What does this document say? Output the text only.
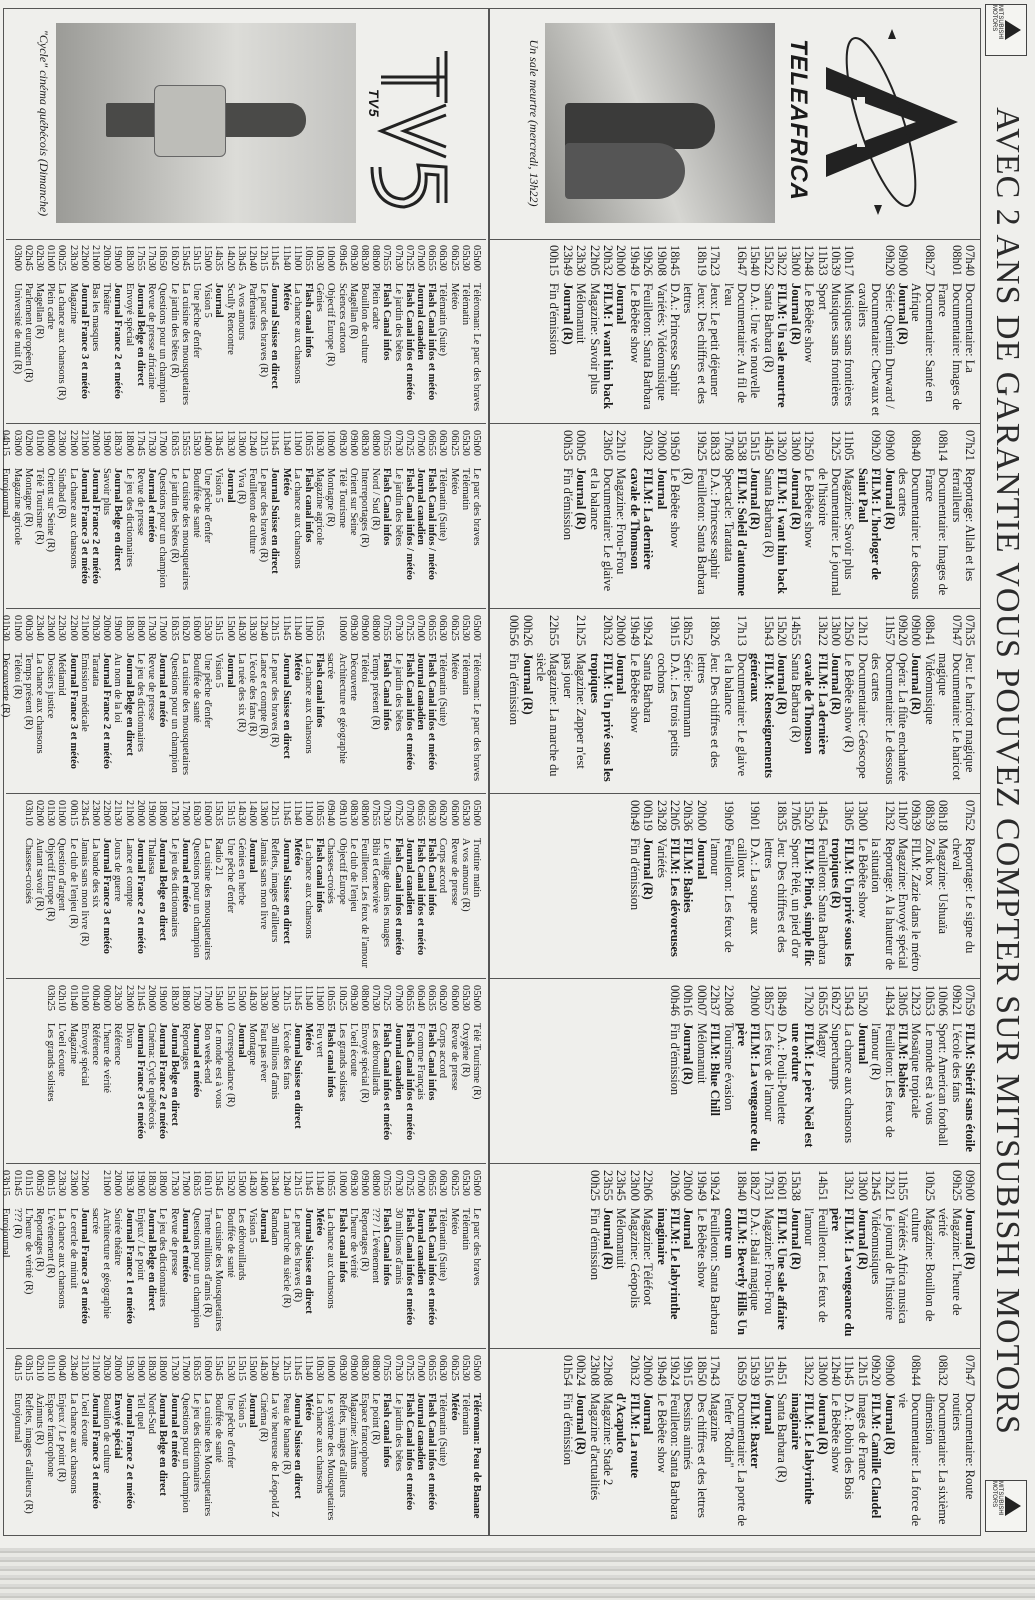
MITSUBISHI MOTORS
AVEC 2 ANS DE GARANTIE VOUS POUVEZ COMPTER SUR MITSUBISHI MOTORS
MITSUBISHI MOTORS
TELEAFRICA
Un sale meurtre (mercredi, 13h22)
07h40
Documentaire: La
08h01
Documentaire: Images de France
08h27
Documentaire: Santé en Afrique
09h00
Journal (R)
09h20
Série: Quentin Durward / Documentaire: Chevaux et cavaliers
10h17
Musiques sans frontières
10h39
Musiques sans frontières
11h33
Sport
12h48
Le Bébête show
13h00
Journal (R)
13h22
FILM: Un sale meurtre
15h22
Santa Barbara (R)
15h40
D.A.: Une vie nouvelle
16h47
Documentaire: Au fil de l'eau
17h23
Jeux: Le petit déjeuner
18h19
Jeux: Des chiffres et des lettres
18h45
D.A.: Princesse Saphir
19h08
Variétés: Vidéomusique
19h26
Feuilleton: Santa Barbara
19h49
Le Bébête show
20h00
Journal
20h32
FILM: I want him back
22h05
Magazine: Savoir plus
23h30
Mélomanuit
23h49
Journal (R)
00h15
Fin d'émission
07h21
Reportage: Allah et les ferrailleurs
08h14
Documentaire: Images de France
08h40
Documentaire: Le dessous des cartes
09h00
Journal (R)
09h20
FILM: L'horloger de Saint Paul
11h05
Magazine: Savoir plus
12h25
Documentaire: Le journal de l'histoire
12h50
Le Bébête show
13h00
Journal (R)
13h20
FILM: I want him back
14h50
Santa Barbara (R)
15h15
Journal (R)
15h38
FILM: Soleil d'automne
17h08
Spectacle: Taratata
18h33
D.A.: Princesse saphir
19h25
Feuilleton: Santa Barbara (R)
19h50
Le Bébête show
20h00
Journal
20h32
FILM: La dernière cavale de Thomson
22h10
Magazine: Frou-Frou
23h05
Documentaire: Le glaive et la balance
00h05
Journal (R)
00h35
Fin d'émission
07h35
Jeu: Le haricot magique
07h47
Documentaire: Le haricot magique
08h41
Vidéomusique
09h00
Journal (R)
09h20
Opéra: La flûte enchantée
11h57
Documentaire: Le dessous des cartes
12h12
Documentaire: Géoscope
12h50
Le Bébête show (R)
13h00
Journal (R)
13h22
FILM: La dernière cavale de Thomson
14h55
Santa Barbara (R)
15h20
Journal (R)
15h43
FILM: Renseignements généraux
17h13
Documentaire: Le glaive et la balance
18h26
Jeu: Des chiffres et des lettres
18h52
Série: Bourmann
19h15
D.A.: Les trois petits cochons
19h24
Santa Barbara
19h49
Le Bébête show
20h00
Journal
20h32
FILM: Un privé sous les tropiques
21h25
Magazine: Zapper n'est pas jouer
22h55
Magazine: La marche du siècle
00h26
Journal (R)
00h56
Fin d'émission
07h52
Reportage: Le signe du cheval
08h18
Magazine: Ushuaïa
08h39
Zouk box
09h39
FILM: Zazie dans le métro
11h07
Magazine: Envoyé spécial
12h32
Reportage: A la hauteur de la situation
13h00
Le Bébête show
13h05
FILM: Un privé sous les tropiques (R)
14h54
Feuilleton: Santa Barbara
15h20
FILM: Pinot, simple flic
17h05
Sport: Pélé, un pied d'or
18h35
Jeu: Des chiffres et des lettres
19h01
D.A.: La soupe aux cailloux
19h09
Feuilleton: Les feux de l'amour
20h00
Journal
20h36
FILM: Babies
22h05
FILM: Les dévoreuses
23h28
Variétés
00h19
Journal (R)
00h49
Fin d'émission
07h59
FILM: Shérif sans étoile
09h21
L'école des fans
10h06
Sport: American football
10h53
Le monde est à vous
12h23
Mosaïque tropicale
13h05
FILM: Babies
14h34
Feuilleton: Les feux de l'amour (R)
15h20
Journal
15h43
La chance aux chansons
16h27
Superchamps
16h55
Magny
17h20
FILM: Le père Noël est une ordure
18h49
D.A.: Pouli-Poulette
18h57
Les feux de l'amour
20h00
FILM: La vengeance du père
22h08
Tourisme évasion
22h37
FILM: Blue Chill
00h07
Mélomanuit
00h16
Journal (R)
00h46
Fin d'émission
09h00
Journal (R)
09h25
Magazine: L'heure de vérité
10h25
Magazine: Bouillon de culture
11h55
Variétés: Africa musica
12h21
Le journal de l'histoire
12h45
Vidéomusiques
13h00
Journal (R)
13h21
FILM: La vengeance du père
14h51
Feuilleton: Les feux de l'amour
15h38
Journal (R)
16h01
FILM: Une sale affaire
17h31
Magazine: Frou-Frou
18h27
D.A.: Balai magique
18h40
FILM: Beverly Hills Un contre un
19h24
Feuilleton: Santa Barbara
19h49
Le Bébête show
20h00
Journal
20h36
FILM: Le labyrinthe imaginaire
22h06
Magazine: Téléfoot
23h00
Magazine: Géopolis
23h45
Mélomanuit
23h55
Journal (R)
00h25
Fin d'émission
07h47
Documentaire: Route routiers
08h32
Documentaire: La sixième dimension
08h44
Documentaire: La force de vie
09h00
Journal (R)
09h20
FILM: Camille Claudel
12h15
Images de France
11h45
D.A.: Robin des Bois
12h40
Le Bébête show
13h00
Journal (R)
13h22
FILM: Le labyrinthe imaginaire
14h51
Santa Barbara (R)
15h16
Journal
15h39
FILM: Baxter
16h59
Documentaire: La porte de l'enfer "Rodin"
17h43
Magazine
18h50
Des chiffres et des lettres
19h15
Dessins animés
19h24
Feuilleton: Santa Barbara
19h49
Le Bébête show
20h00
Journal
20h32
FILM: La route d'Acapulco
22h08
Magazine: Stade 2
23h08
Magazine d'actualités
00h24
Journal (R)
01h54
Fin d'émission
TV5
"Cycle" cinéma québécois (Dimanche)
05h00
Téléroman: Le parc des braves
05h30
Télématin
06h25
Météo
06h30
Télématin (Suite)
06h55
Flash Canal infos et météo
07h00
Journal canadien
07h25
Flash Canal infos et météo
07h30
Le jardin des bêtes
07h55
Flash Canal infos
08h00
Plein cadre
08h30
Bouillon de culture
09h30
Magellan (R)
09h45
Sciences cartoon
10h00
Objectif Europe (R)
10h30
Génies
10h55
Flash canal infos
11h00
La chance aux chansons
11h40
Météo
11h45
Journal Suisse en direct
12h15
Le parc des braves (R)
12h40
Parfenaires
13h45
A vos amours
14h20
Scully Rencontre
14h35
Journal
15h00
Vision 5
15h15
Une pêche d'enfer
15h45
La cuisine des mousquetaires
16h20
Le jardin des bêtes (R)
16h50
Questions pour un champion
17h30
Revue de presse africaine
17h55
Journal Belge en direct
18h30
Envoyé spécial
19h00
Journal France 2 et météo
20h30
Théâtre
21h00
Bas les masques
22h00
Journal France 3 et météo
23h30
Magazine
00h25
La chance aux chansons (R)
01h00
Plein cadre
02h30
Magellan (R)
02h45
Parlement européen (R)
03h00
Université de nuit (R)
05h00
Le parc des braves
05h30
Télématin
06h25
Météo
06h30
Télématin (Suite)
06h55
Flash Canal infos / météo
07h00
Journal canadien
07h25
Flash Canal infos / météo
07h30
Le jardin des bêtes
07h55
Flash Canal infos
08h00
Nord / Sud (R)
08h30
Interreportages (R)
09h00
Orient sur Seine
09h30
Télé Tourisme
10h00
Montagne (R)
10h30
Magazine agricole
10h55
Flash canal infos
11h00
La chance aux chansons
11h40
Météo
11h45
Journal Suisse en direct
12h15
Le parc des braves (R)
12h40
Feuilleton de culture
13h00
Viva (R)
13h30
Journal
13h45
Vision 5
14h00
Une pêche d'enfer
15h30
Bouffée de santé
15h55
La cuisine des mousquetaires
16h35
Le jardin des bêtes (R)
17h00
Questions pour un champion
17h30
Journal et météo
17h45
Revue de presse
18h00
Le jeu des dictionnaires
18h30
Journal Belge en direct
19h00
Savoir plus
20h00
Journal France 2 et météo
21h00
Journal France 3 et météo
22h00
La chance aux chansons
23h00
Sindbad (R)
00h00
Orient sur Seine (R)
01h00
Télé Tourisme (R)
02h00
Montagne (R)
03h00
Magazine agricole
04h15
Eurojournal
05h00
Téléroman: Le parc des braves
05h30
Télématin
06h25
Météo
06h30
Télématin (Suite)
06h55
Flash Canal infos et météo
07h00
Journal canadien
07h25
Flash Canal infos et météo
07h30
Le jardin des bêtes
07h55
Flash Canal infos
08h00
Temps présent (R)
09h00
Télétoi
09h30
Découverte
10h00
Architecture et géographie sacrée
10h55
Flash canal infos
11h00
La chance aux chansons
11h40
Météo
11h45
Journal Suisse en direct
12h15
Le parc des braves (R)
12h40
Lance et compte (R)
13h30
L'école des fans (R)
14h30
La ruée des six (R)
15h00
Journal
15h15
Vision 5
15h30
Une pêche d'enfer
16h00
Bouffée de santé
16h20
La cuisine des mousquetaires
16h35
Questions pour un champion
17h00
Journal et météo
17h30
Revue de presse
18h00
Le jeu des dictionnaires
18h30
Journal Belge en direct
19h00
Au nom de la loi
20h00
Journal France 2 et météo
20h30
Taratata
21h00
Emission médicale
22h00
Journal France 3 et météo
22h30
Médiamid
23h00
Dossiers justice
23h40
La chance aux chansons
00h30
Temps présent (R)
01h00
Télétoi (R)
01h30
Découverte (R)
05h00
Trottine matin
05h30
A vos amours (R)
06h00
Revue de presse
06h20
Corps accord
06h30
Flash Canal infos
06h55
Flash Canal infos et météo
07h00
Journal canadien
07h25
Flash Canal infos et météo
07h30
Le village dans les nuages
07h55
Bibi et Geneviève
08h00
Feuilleton: Les feux de l'amour
08h30
Le club de l'enjeu
09h10
Objectif Europe
09h40
Chasses-croisés
10h55
Flash canal infos
11h00
La chance aux chansons
11h40
Météo
11h45
Journal Suisse en direct
12h15
Reflets, images d'ailleurs
13h00
Jamais sans mon livre
14h00
Journal
14h30
Génies en herbe
15h15
Une pêche d'enfer
15h35
Radio 21
16h00
La cuisine des mousquetaires
16h30
Questions pour un champion
17h00
Journal et météo
17h30
Le jeu des dictionnaires
18h00
Journal Belge en direct
19h00
Thalassa
20h00
Journal France 2 et météo
21h00
Lance et compte
21h30
Jours de guerre
22h00
Journal France 3 et météo
23h00
La bande des six
23h45
Jamais sans mon livre (R)
00h15
Le club de l'enjeu (R)
01h00
Question d'argent
01h30
Objectif Europe (R)
02h00
Autant savoir (R)
03h10
Chasses-croisés
05h00
Télé Tourisme (R)
05h30
Oxygène (R)
06h00
Revue de presse
06h20
Corps accord
06h35
Flash Canal infos
06h40
F comme Français
06h55
Flash Canal infos et météo
07h00
Journal canadien
07h25
Flash Canal infos et météo
07h30
Les débrouillards
08h00
Envoyé spécial (R)
09h30
L'oeil écoute
10h25
Les grands solistes
10h55
Flash canal infos
11h00
Feu vert
11h40
Météo
11h45
Journal Suisse en direct
12h15
L'école des fans
13h00
30 millions d'amis
13h30
Faut pas rêver
14h30
Montagne
15h00
Journal
15h10
Correspondance (R)
15h40
Le monde est à vous
17h00
Bon week-end
17h30
Journal et météo
18h00
Reportages
18h30
Journal Belge en direct
19h00
Journal France 2 et météo
20h00
Cinéma: Cycle québécois
21h45
Journal France 3 et météo
23h00
Divan
23h30
Référence
00h00
L'heure de vérité
00h40
Référence
01h00
Envoyé spécial
01h40
Magazine
02h10
L'oeil écoute
03h25
Les grands solistes
05h00
Le parc des braves
05h30
Télématin
06h25
Météo
06h30
Télématin (Suite)
06h55
Flash Canal infos et météo
07h00
Journal canadien
07h25
Flash Canal infos et météo
07h30
30 millions d'amis
07h55
Flash Canal infos
08h00
??? / L'événement
09h00
Reportages (R)
09h30
L'heure de vérité
10h00
Flash canal infos
10h55
La chance aux chansons
11h40
Météo
11h45
Journal Suisse en direct
12h15
Le parc des braves (R)
12h40
La marche du siècle (R)
13h40
Ramdam
14h00
Journal
14h30
Vision 5
15h00
Les débrouillards
15h20
Bouffée de santé
15h45
La cuisine des Mousquetaires
16h10
Trente millions d'amis (R)
16h35
Questions pour un champion
17h00
Journal et météo
17h30
Revue de presse
18h00
Le jeu des dictionnaires
18h30
Journal Belge en direct
19h00
Enjeux / Le point
19h30
Journal France 1 et météo
20h00
Soirée théâtre
21h00
Architecture et géographie sacrée
22h00
Journal France 3 et météo
23h00
Le cercle de minuit
23h30
La chance aux chansons
00h15
L'événement (R)
00h50
Reportages (R)
01h15
L'heure de vérité (R)
01h45
??? (R)
03h15
Eurojournal
05h00
Téléroman: Peau de Banane
05h30
Télématin
06h25
Météo
06h30
Télématin (Suite)
06h55
Flash Canal infos et météo
07h00
Journal canadien
07h25
Flash Canal infos et météo
07h30
Le jardin des bêtes
07h55
Flash canal infos
08h00
Le point (R)
08h30
Espace francophone
09h00
Magazine: Aimuts
09h30
Reflets, images d'ailleurs
10h00
Le système des Mousquetaires
10h30
La chance aux chansons
11h40
Météo
11h45
Journal Suisse en direct
12h15
Peau de banane (R)
12h40
La vie heureuse de Léopold Z
14h30
Cinéma (R)
15h00
Journal
15h15
Vision 5
15h30
Une pêche d'enfer
15h45
Bouffée de santé
16h00
La cuisine des Mousquetaires
16h35
Le jeu des dictionnaires
17h00
Questions pour un champion
17h30
Journal et météo
18h00
Journal Belge en direct
18h30
Nord-Sud
19h00
Tell quel
19h30
Journal France 2 et météo
20h00
Envoyé spécial
20h30
Bouillon de culture
21h00
Journal France 3 et météo
21h30
L'oeil écoute
23h40
La chance aux chansons
00h40
Enjeux / Le point (R)
01h10
Espace francophone
02h10
Azimuts (R)
03h15
Reflets, images d'ailleurs (R)
04h15
Eurojournal
